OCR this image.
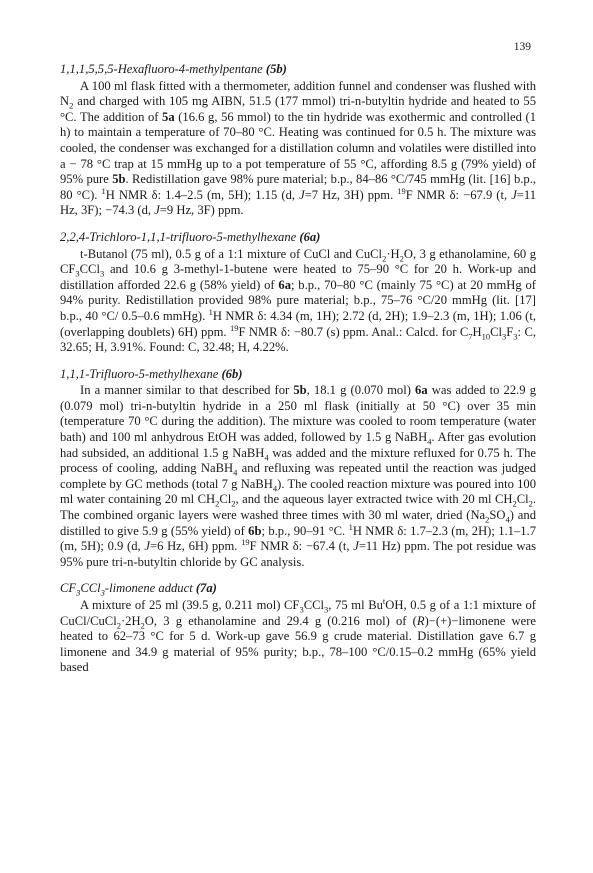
139

1,1,1,5,5,5-Hexafluoro-4-methylpentane (5b)

A 100 ml flask fitted with a thermometer, addition funnel and condenser was flushed with $N_2$ and charged with 105 mg AIBN, 51.5 (177 mmol) tri-n-butyltin hydride and heated to 55 °C. The addition of 5a (16.6 g, 56 mmol) to the tin hydride was exothermic and controlled (1 h) to maintain a temperature of 70–80 °C. Heating was continued for 0.5 h. The mixture was cooled, the condenser was exchanged for a distillation column and volatiles were distilled into a − 78 °C trap at 15 mmHg up to a pot temperature of 55 °C, affording 8.5 g (79% yield) of 95% pure 5b. Redistillation gave 98% pure material; b.p., 84–86 °C/745 mmHg (lit. [16] b.p., 80 °C). $^1$H NMR δ: 1.4–2.5 (m, 5H); 1.15 (d, J=7 Hz, 3H) ppm. $^{19}$F NMR δ: −67.9 (t, J=11 Hz, 3F); −74.3 (d, J=9 Hz, 3F) ppm.

2,2,4-Trichloro-1,1,1-trifluoro-5-methylhexane (6a)

t-Butanol (75 ml), 0.5 g of a 1:1 mixture of CuCl and $CuCl_2\cdot H_2O$, 3 g ethanolamine, 60 g $CF_3CCl_3$ and 10.6 g 3-methyl-1-butene were heated to 75–90 °C for 20 h. Work-up and distillation afforded 22.6 g (58% yield) of 6a; b.p., 70–80 °C (mainly 75 °C) at 20 mmHg of 94% purity. Redistillation provided 98% pure material; b.p., 75–76 °C/20 mmHg (lit. [17] b.p., 40 °C/ 0.5–0.6 mmHg). $^1$H NMR δ: 4.34 (m, 1H); 2.72 (d, 2H); 1.9–2.3 (m, 1H); 1.06 (t, (overlapping doublets) 6H) ppm. $^{19}$F NMR δ: −80.7 (s) ppm. Anal.: Calcd. for $C_7H_{10}Cl_3F_3$: C, 32.65; H, 3.91%. Found: C, 32.48; H, 4.22%.

1,1,1-Trifluoro-5-methylhexane (6b)

In a manner similar to that described for 5b, 18.1 g (0.070 mol) 6a was added to 22.9 g (0.079 mol) tri-n-butyltin hydride in a 250 ml flask (initially at 50 °C) over 35 min (temperature 70 °C during the addition). The mixture was cooled to room temperature (water bath) and 100 ml anhydrous EtOH was added, followed by 1.5 g NaBH$_4$. After gas evolution had subsided, an additional 1.5 g NaBH$_4$ was added and the mixture refluxed for 0.75 h. The process of cooling, adding NaBH$_4$ and refluxing was repeated until the reaction was judged complete by GC methods (total 7 g NaBH$_4$). The cooled reaction mixture was poured into 100 ml water containing 20 ml $CH_2Cl_2$, and the aqueous layer extracted twice with 20 ml $CH_2Cl_2$. The combined organic layers were washed three times with 30 ml water, dried $(Na_2SO_4)$ and distilled to give 5.9 g (55% yield) of 6b; b.p., 90–91 °C. $^1$H NMR δ: 1.7–2.3 (m, 2H); 1.1–1.7 (m, 5H); 0.9 (d, J=6 Hz, 6H) ppm. $^{19}$F NMR δ: −67.4 (t, J=11 Hz) ppm. The pot residue was 95% pure tri-n-butyltin chloride by GC analysis.

$CF_3CCl_3$-limonene adduct (7a)

A mixture of 25 ml (39.5 g, 0.211 mol) $CF_3CCl_3$, 75 ml Bu$^t$OH, 0.5 g of a 1:1 mixture of CuCl/$CuCl_2\cdot 2H_2O$, 3 g ethanolamine and 29.4 g (0.216 mol) of (R)−(+)−limonene were heated to 62–73 °C for 5 d. Work-up gave 56.9 g crude material. Distillation gave 6.7 g limonene and 34.9 g material of 95% purity; b.p., 78–100 °C/0.15–0.2 mmHg (65% yield based
